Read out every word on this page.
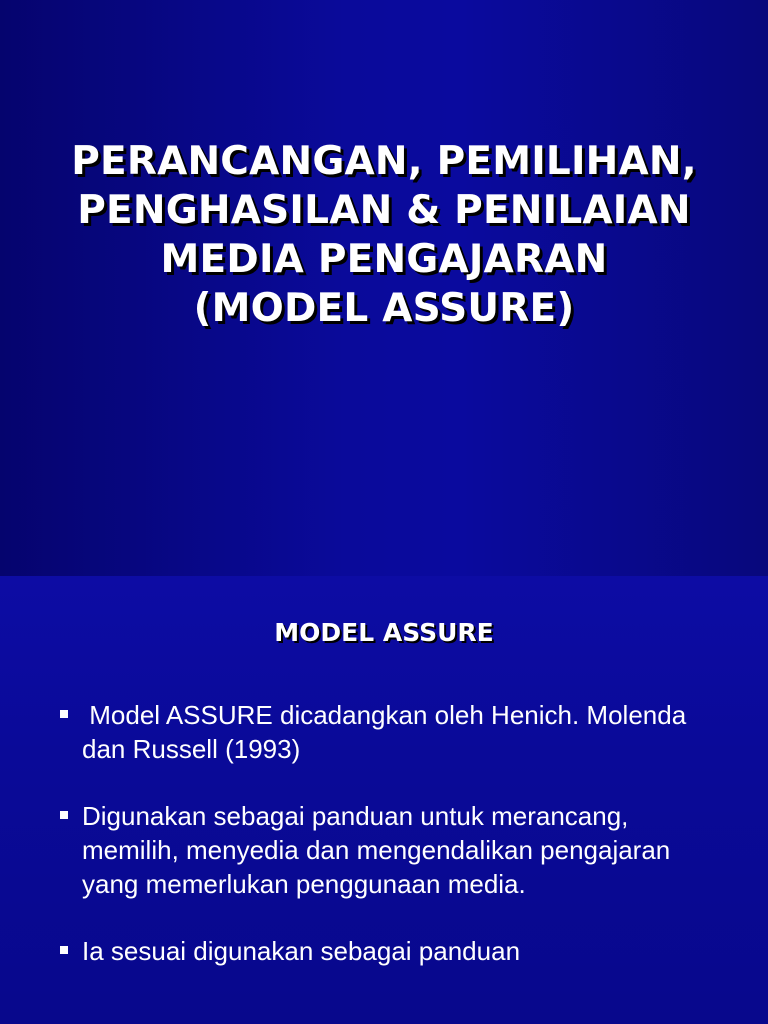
PERANCANGAN, PEMILIHAN,
PENGHASILAN & PENILAIAN
MEDIA PENGAJARAN
(MODEL ASSURE)
MODEL ASSURE
Model ASSURE dicadangkan oleh Henich. Molenda dan Russell (1993)
Digunakan sebagai panduan untuk merancang, memilih, menyedia dan mengendalikan pengajaran yang memerlukan penggunaan media.
Ia sesuai digunakan sebagai panduan
